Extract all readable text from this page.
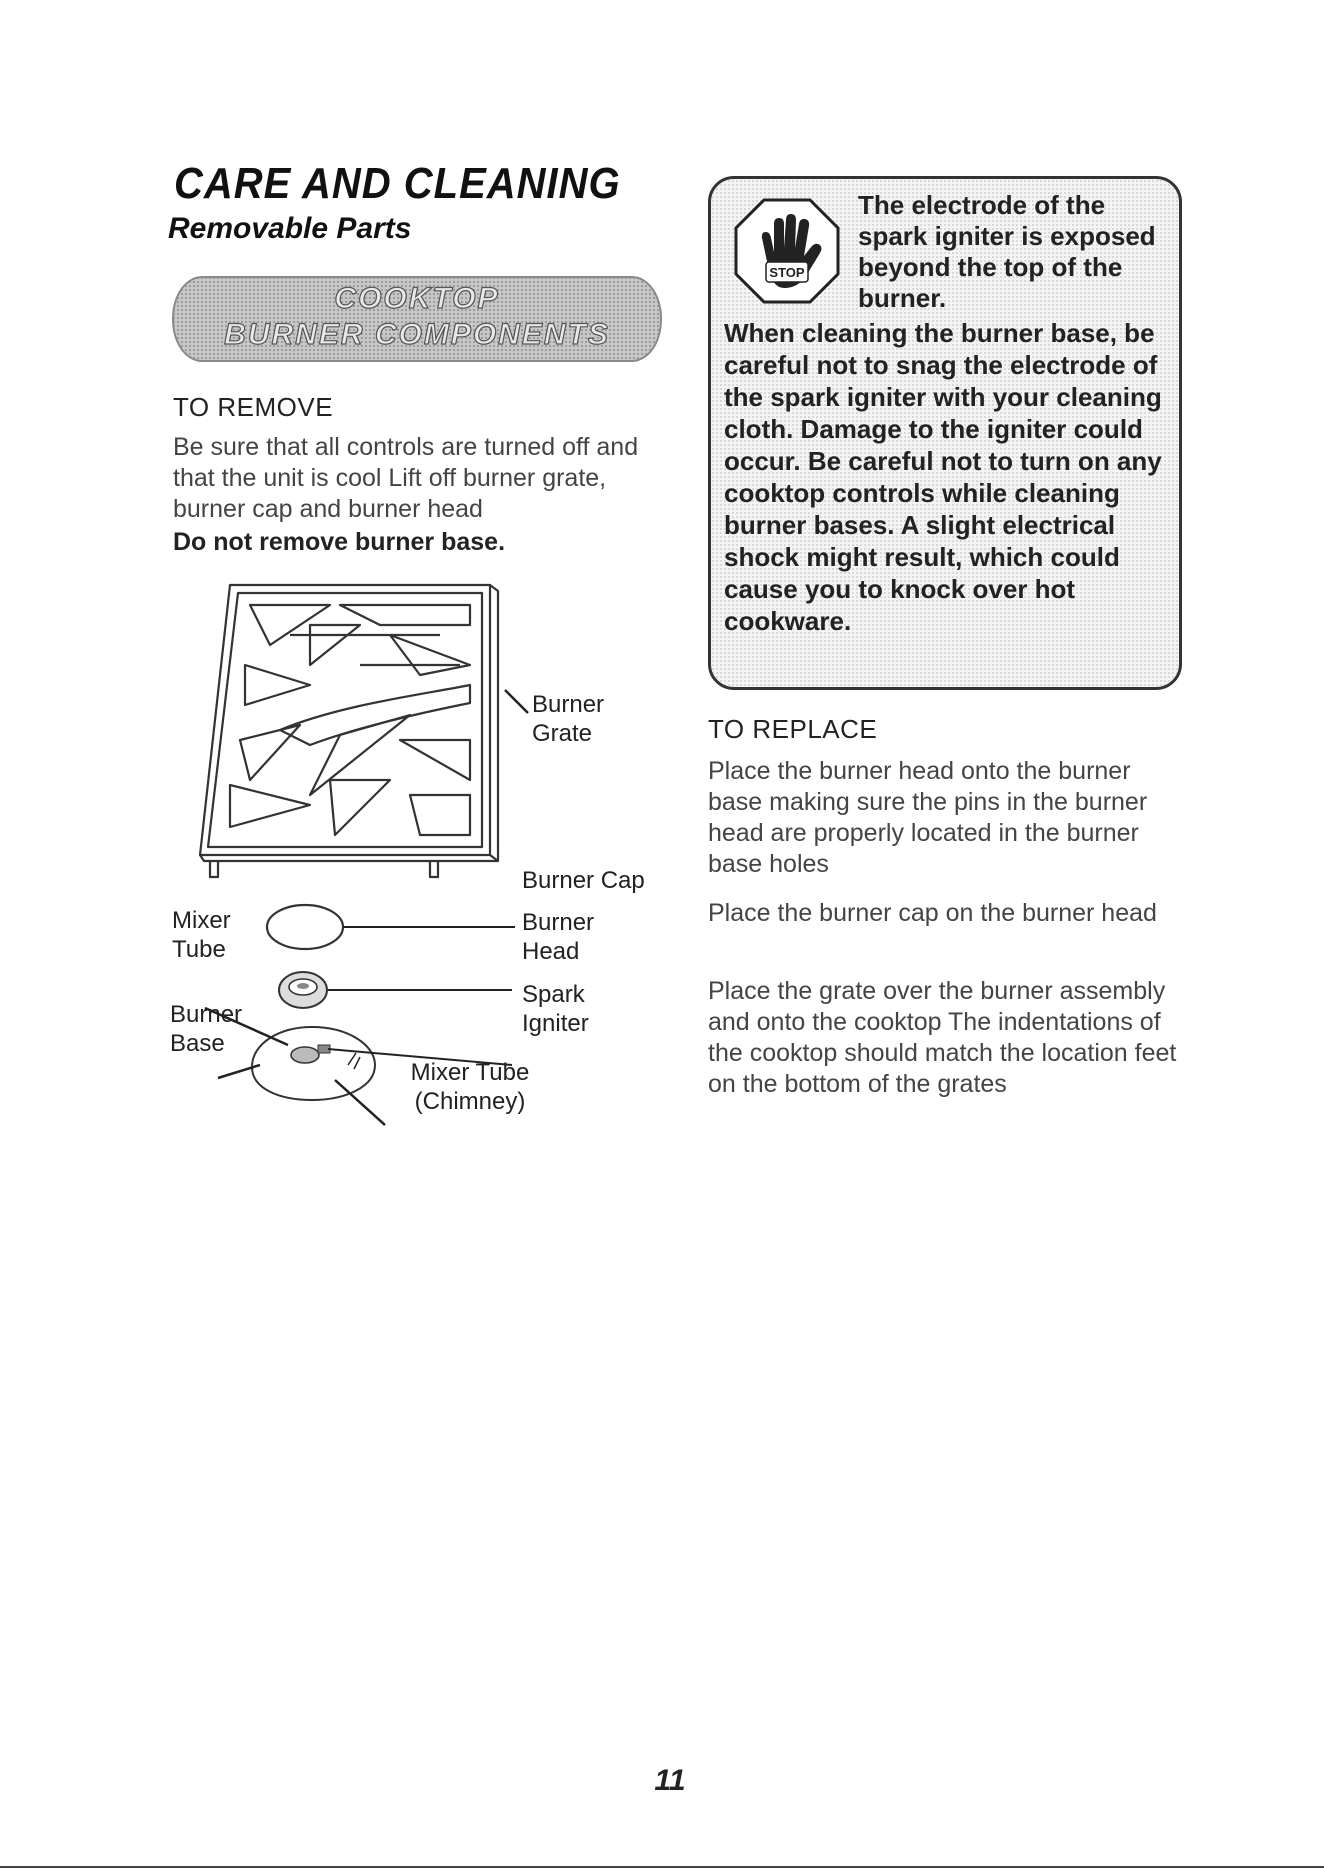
CARE AND CLEANING
Removable Parts
COOKTOP
BURNER COMPONENTS
TO REMOVE
Be sure that all controls are turned off and that the unit is cool Lift off burner grate, burner cap and burner head
Do not remove burner base.
Burner Grate
Burner Cap
Burner Head
Spark Igniter
Mixer Tube
Burner Base
Mixer Tube (Chimney)
STOP
The electrode of the spark igniter is exposed beyond the top of the burner.
When cleaning the burner base, be careful not to snag the electrode of the spark igniter with your cleaning cloth. Damage to the igniter could occur. Be careful not to turn on any cooktop controls while cleaning burner bases. A slight electrical shock might result, which could cause you to knock over hot cookware.
TO REPLACE
Place the burner head onto the burner base making sure the pins in the burner head are properly located in the burner base holes
Place the burner cap on the burner head
Place the grate over the burner assembly and onto the cooktop The indentations of the cooktop should match the location feet on the bottom of the grates
11
